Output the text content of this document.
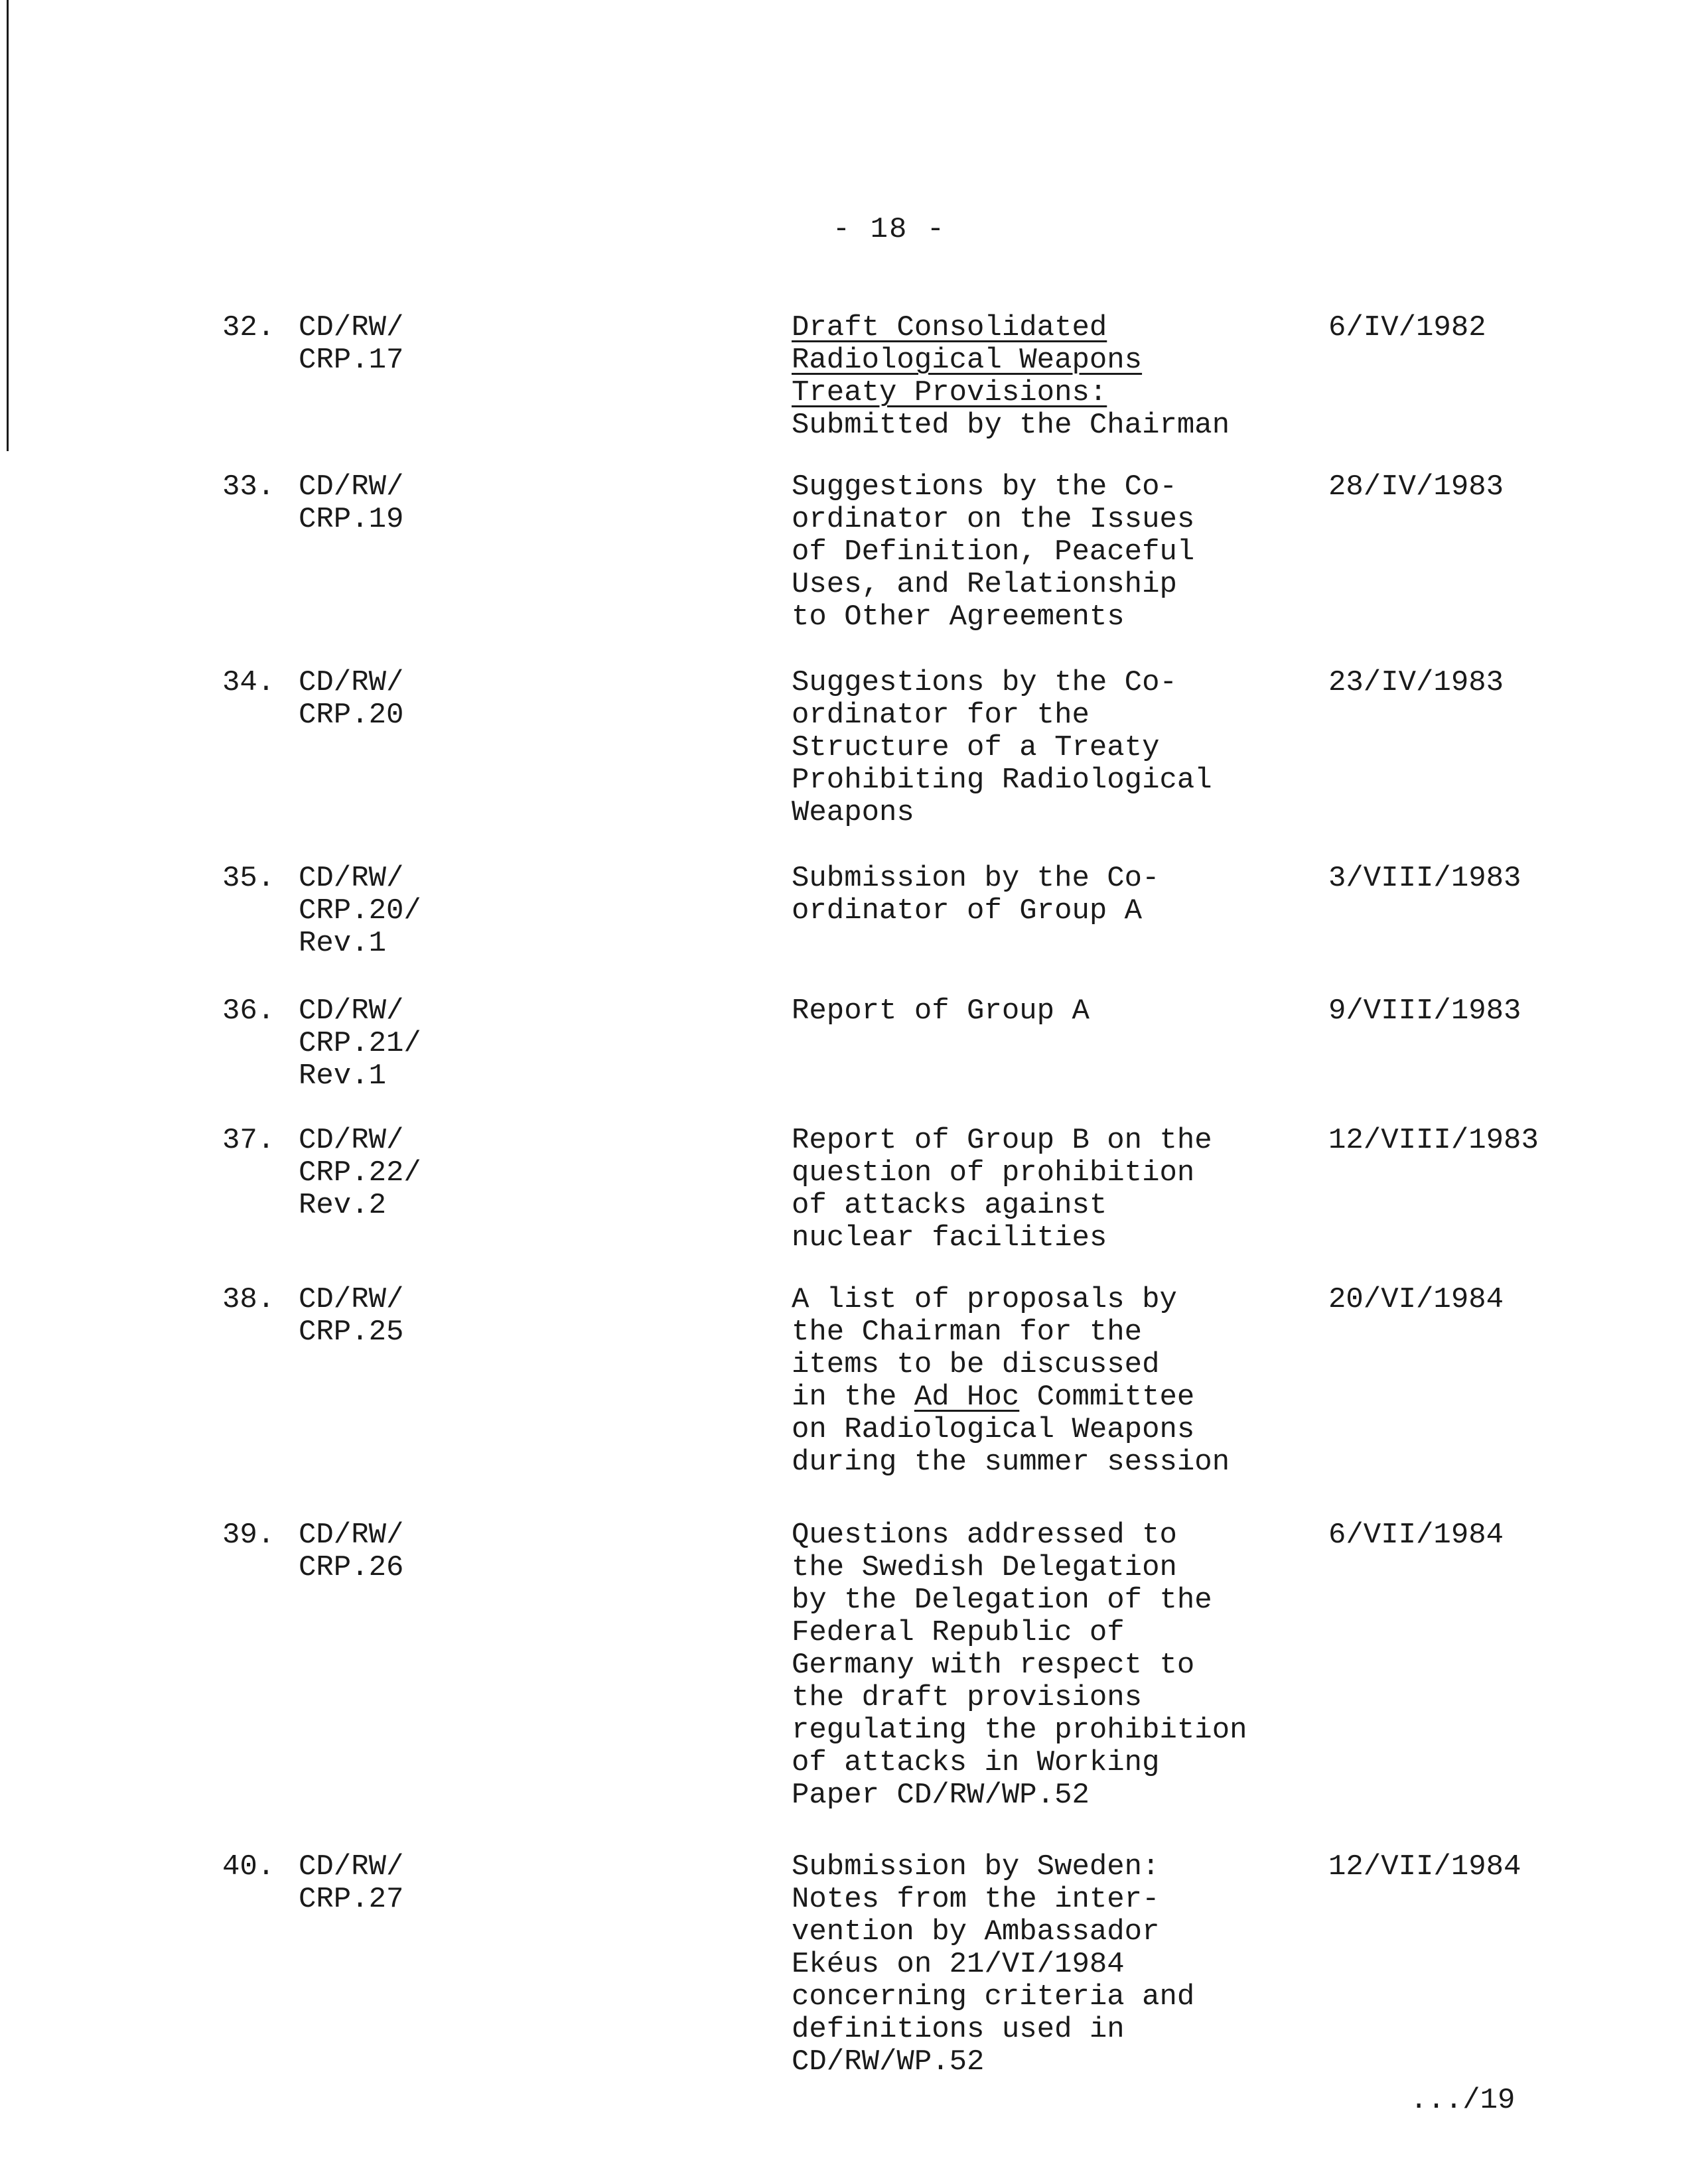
- 18 -
32. CD/RW/
CRP.17
Draft Consolidated
Radiological Weapons
Treaty Provisions:
Submitted by the Chairman
6/IV/1982
33. CD/RW/
CRP.19
Suggestions by the Co-
ordinator on the Issues
of Definition, Peaceful
Uses, and Relationship
to Other Agreements
28/IV/1983
34. CD/RW/
CRP.20
Suggestions by the Co-
ordinator for the
Structure of a Treaty
Prohibiting Radiological
Weapons
23/IV/1983
35. CD/RW/
CRP.20/
Rev.1
Submission by the Co-
ordinator of Group A
3/VIII/1983
36. CD/RW/
CRP.21/
Rev.1
Report of Group A	9/VIII/1983
37. CD/RW/
CRP.22/
Rev.2
Report of Group B on the
question of prohibition
of attacks against
nuclear facilities
12/VIII/1983
38. CD/RW/
CRP.25
A list of proposals by
the Chairman for the
items to be discussed
in the Ad Hoc Committee
on Radiological Weapons
during the summer session
20/VI/1984
39. CD/RW/
CRP.26
Questions addressed to
the Swedish Delegation
by the Delegation of the
Federal Republic of
Germany with respect to
the draft provisions
regulating the prohibition
of attacks in Working
Paper CD/RW/WP.52
6/VII/1984
40. CD/RW/
CRP.27
Submission by Sweden:
Notes from the inter-
vention by Ambassador
Ekéus on 21/VI/1984
concerning criteria and
definitions used in
CD/RW/WP.52
12/VII/1984
.../19
